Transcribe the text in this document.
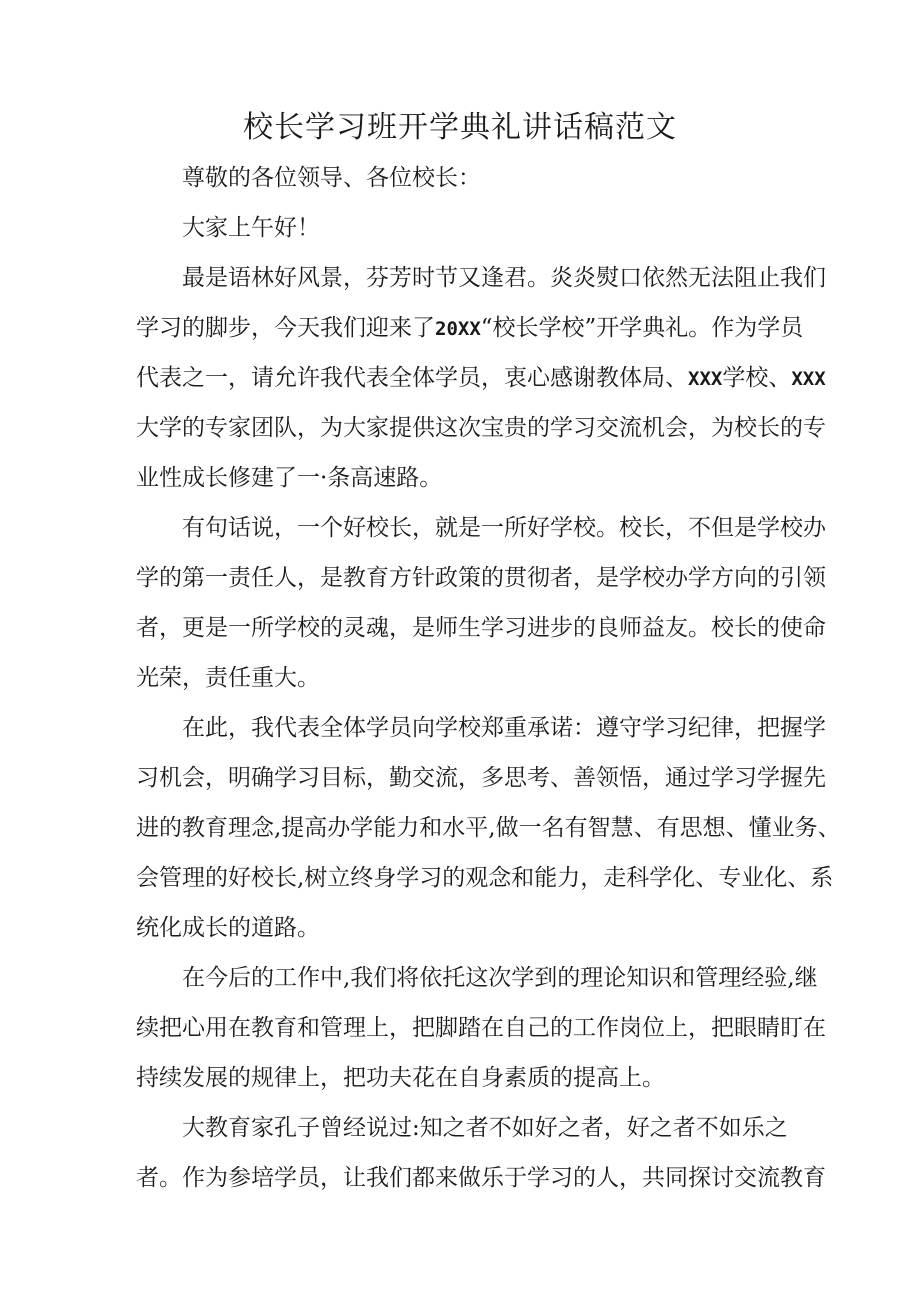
校长学习班开学典礼讲话稿范文

尊敬的各位领导、各位校长：

大家上午好！

最是语林好风景，芬芳时节又逢君。炎炎熨口依然无法阻止我们

学习的脚步，今天我们迎来了20XX“校长学校”开学典礼。作为学员

代表之一，请允许我代表全体学员，衷心感谢教体局、XXX学校、XXX

大学的专家团队，为大家提供这次宝贵的学习交流机会，为校长的专

业性成长修建了一·条高速路。

有句话说，一个好校长，就是一所好学校。校长，不但是学校办

学的第一责任人，是教育方针政策的贯彻者，是学校办学方向的引领

者，更是一所学校的灵魂，是师生学习进步的良师益友。校长的使命

光荣，责任重大。

在此，我代表全体学员向学校郑重承诺：遵守学习纪律，把握学

习机会，明确学习目标，勤交流，多思考、善领悟，通过学习学握先

进的教育理念,提高办学能力和水平,做一名有智慧、有思想、懂业务、

会管理的好校长,树立终身学习的观念和能力，走科学化、专业化、系

统化成长的道路。

在今后的工作中,我们将依托这次学到的理论知识和管理经验,继

续把心用在教育和管理上，把脚踏在自己的工作岗位上，把眼睛盯在

持续发展的规律上，把功夫花在自身素质的提高上。

大教育家孔子曾经说过:知之者不如好之者，好之者不如乐之

者。作为参培学员，让我们都来做乐于学习的人，共同探讨交流教育
